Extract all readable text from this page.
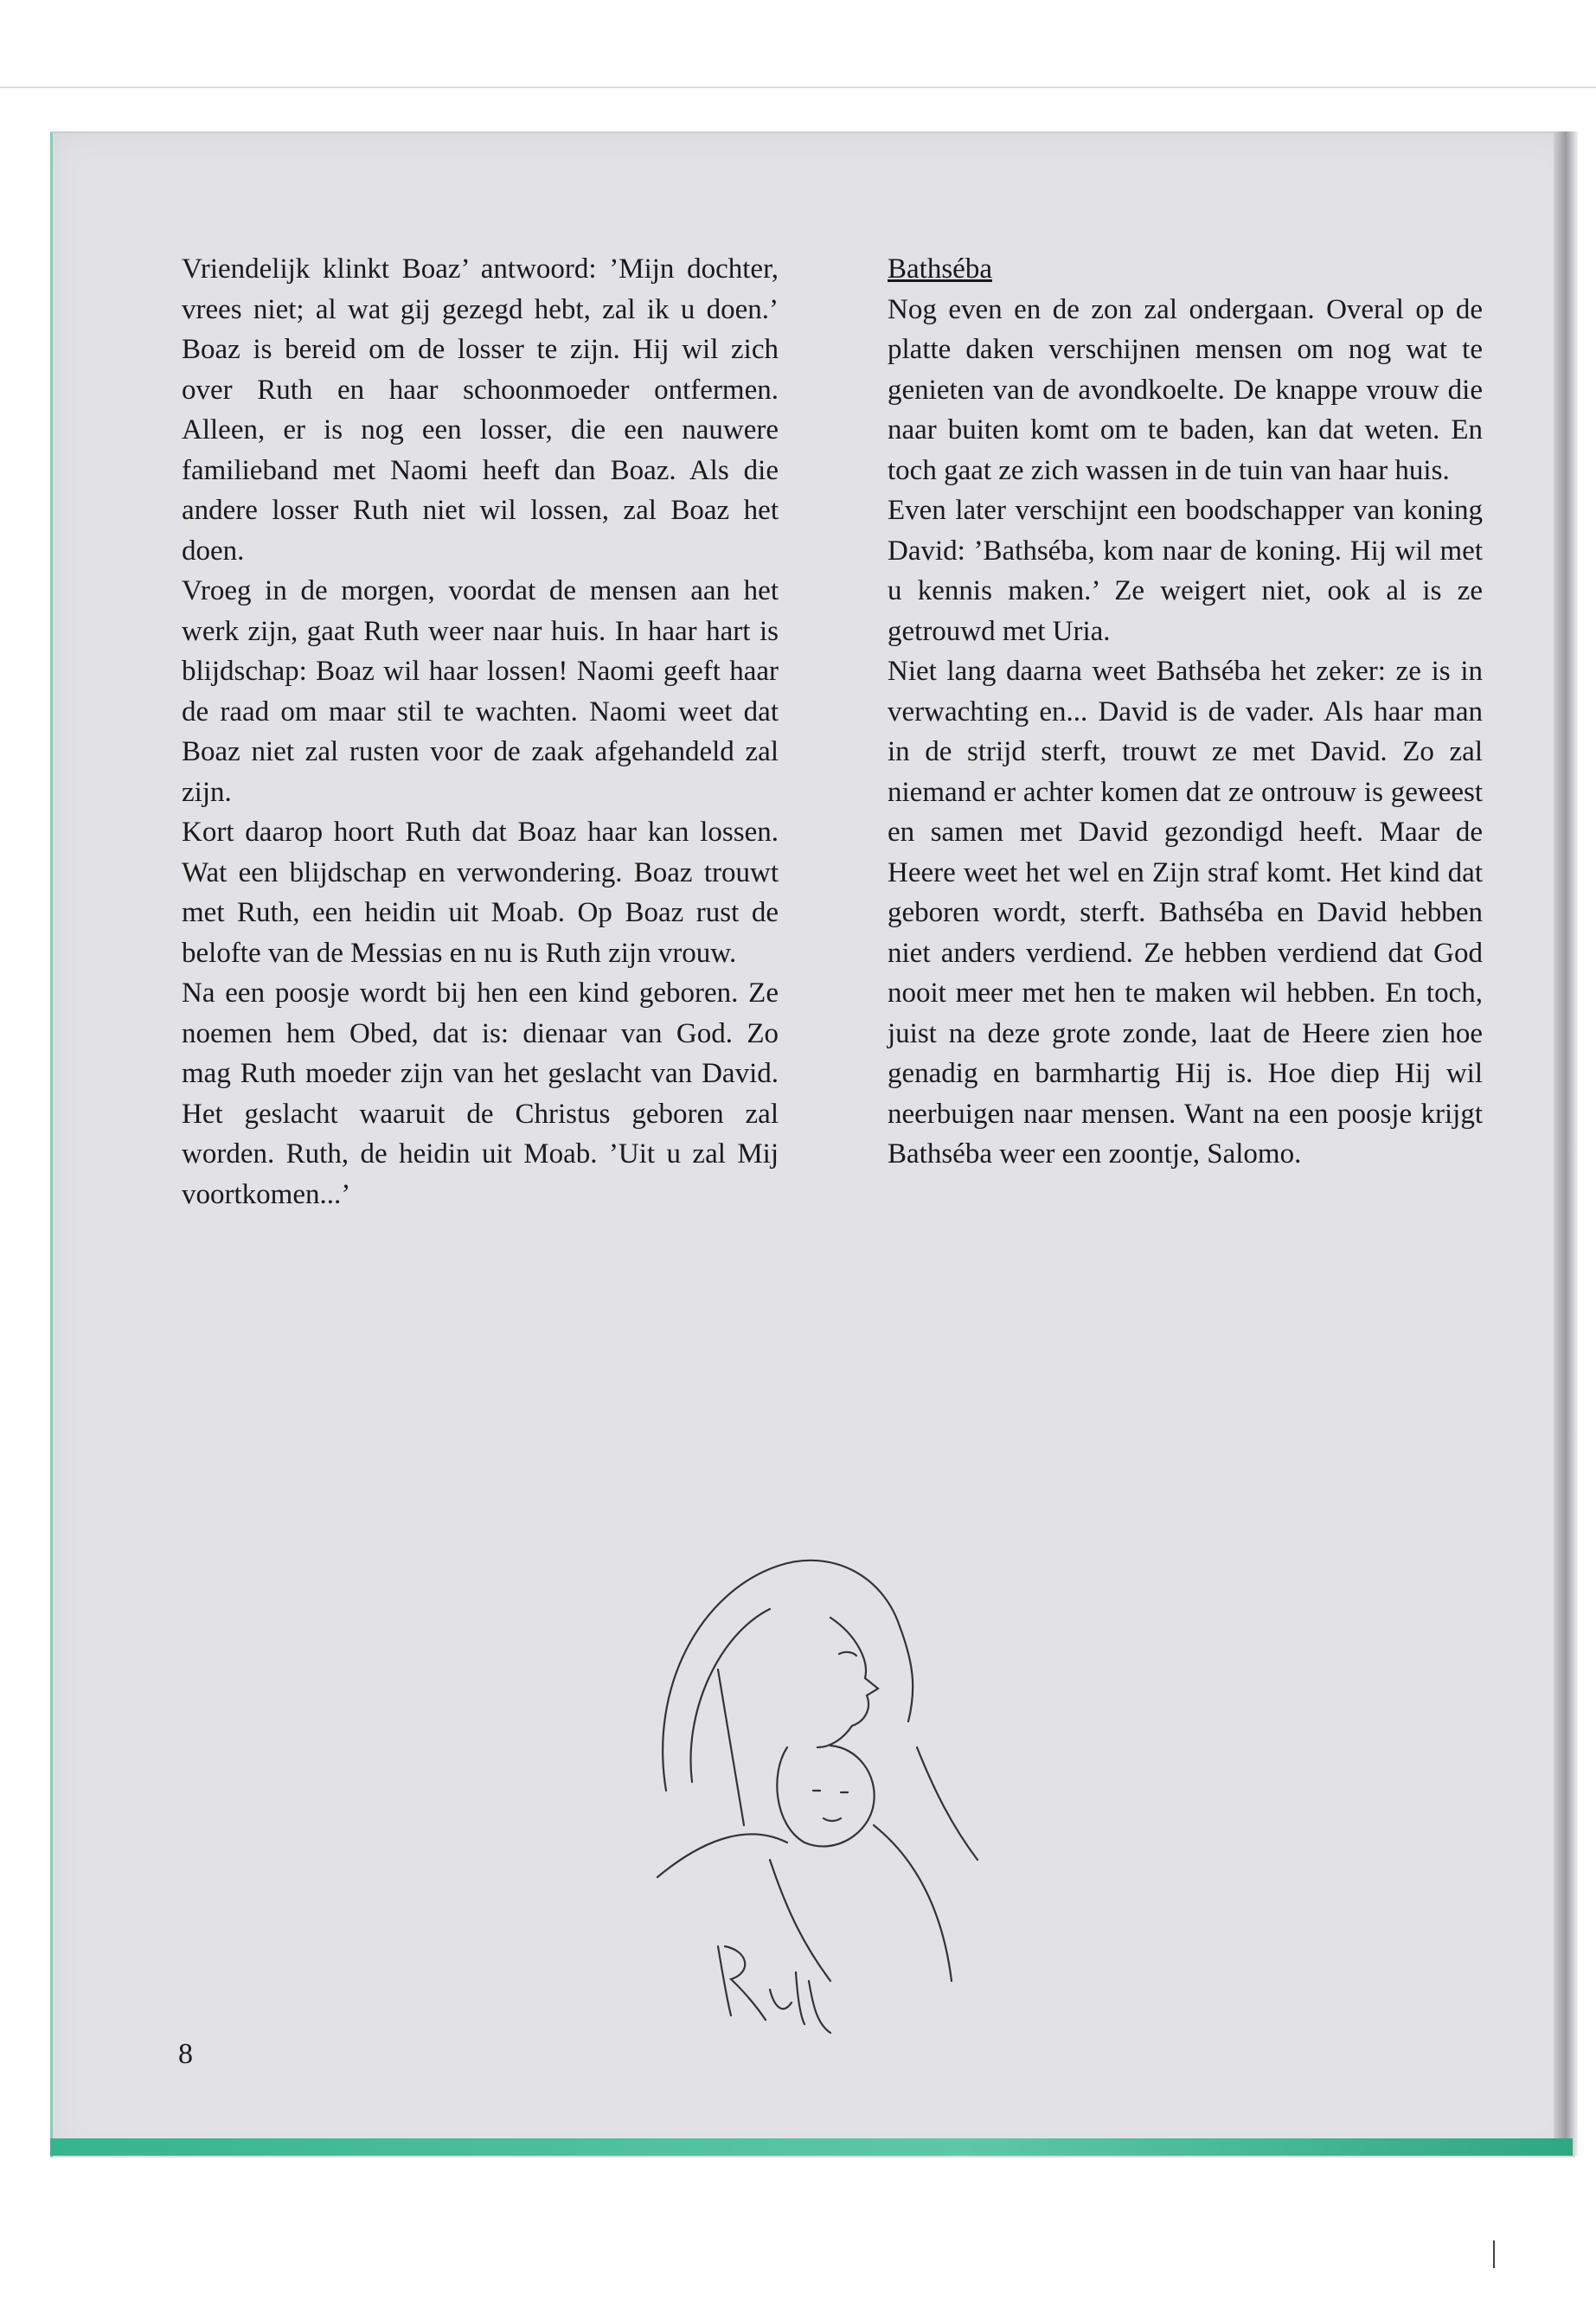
Vriendelijk klinkt Boaz’ antwoord: ’Mijn dochter, vrees niet; al wat gij gezegd hebt, zal ik u doen.’ Boaz is bereid om de losser te zijn. Hij wil zich over Ruth en haar schoonmoeder ontfermen. Alleen, er is nog een losser, die een nauwere familieband met Naomi heeft dan Boaz. Als die andere losser Ruth niet wil lossen, zal Boaz het doen.

Vroeg in de morgen, voordat de mensen aan het werk zijn, gaat Ruth weer naar huis. In haar hart is blijdschap: Boaz wil haar lossen! Naomi geeft haar de raad om maar stil te wachten. Naomi weet dat Boaz niet zal rusten voor de zaak afgehandeld zal zijn.

Kort daarop hoort Ruth dat Boaz haar kan lossen. Wat een blijdschap en verwondering. Boaz trouwt met Ruth, een heidin uit Moab. Op Boaz rust de belofte van de Messias en nu is Ruth zijn vrouw.

Na een poosje wordt bij hen een kind geboren. Ze noemen hem Obed, dat is: dienaar van God. Zo mag Ruth moeder zijn van het geslacht van David. Het geslacht waaruit de Christus geboren zal worden. Ruth, de heidin uit Moab. ’Uit u zal Mij voortkomen...’

Bathséba

Nog even en de zon zal ondergaan. Overal op de platte daken verschijnen mensen om nog wat te genieten van de avondkoelte. De knappe vrouw die naar buiten komt om te baden, kan dat weten. En toch gaat ze zich wassen in de tuin van haar huis.

Even later verschijnt een boodschapper van koning David: ’Bathséba, kom naar de koning. Hij wil met u kennis maken.’ Ze weigert niet, ook al is ze getrouwd met Uria.

Niet lang daarna weet Bathséba het zeker: ze is in verwachting en... David is de vader. Als haar man in de strijd sterft, trouwt ze met David. Zo zal niemand er achter komen dat ze ontrouw is geweest en samen met David gezondigd heeft. Maar de Heere weet het wel en Zijn straf komt. Het kind dat geboren wordt, sterft. Bathséba en David hebben niet anders verdiend. Ze hebben verdiend dat God nooit meer met hen te maken wil hebben. En toch, juist na deze grote zonde, laat de Heere zien hoe genadig en barmhartig Hij is. Hoe diep Hij wil neerbuigen naar mensen. Want na een poosje krijgt Bathséba weer een zoontje, Salomo.

8
